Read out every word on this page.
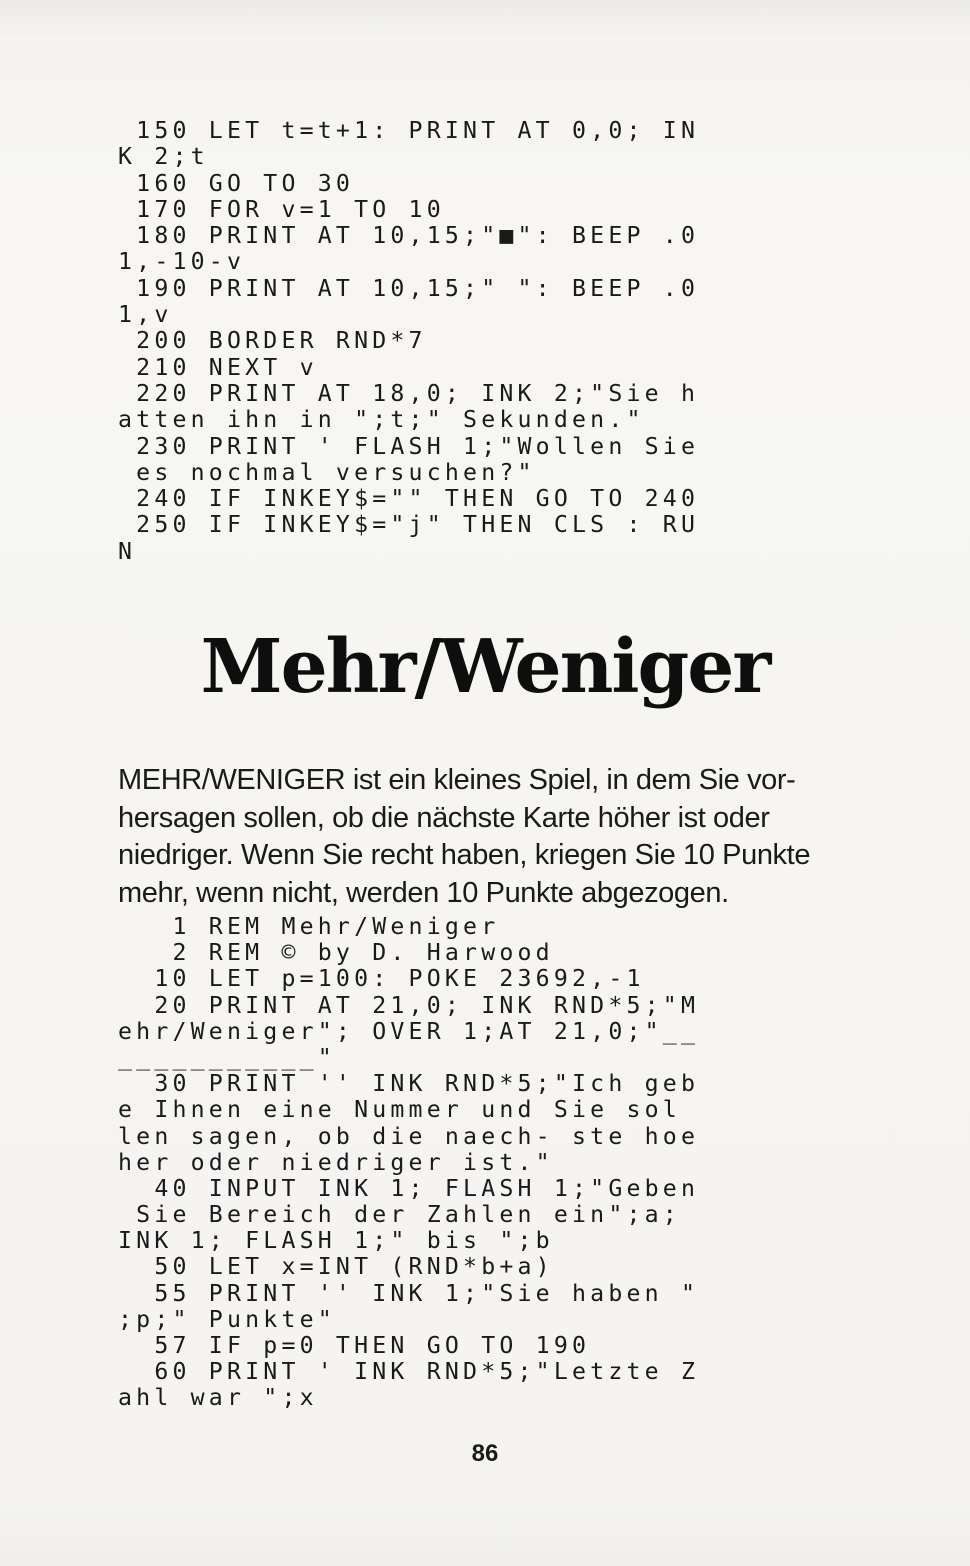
150 LET t=t+1: PRINT AT 0,0; IN
K 2;t
160 GO TO 30
170 FOR v=1 TO 10
180 PRINT AT 10,15;"■": BEEP .0
1,-10-v
190 PRINT AT 10,15;" ": BEEP .0
1,v
200 BORDER RND*7
210 NEXT v
220 PRINT AT 18,0; INK 2;"Sie h
atten ihn in ";t;" Sekunden."
230 PRINT ' FLASH 1;"Wollen Sie
es nochmal versuchen?"
240 IF INKEY$="" THEN GO TO 240
250 IF INKEY$="j" THEN CLS : RU
N
Mehr/Weniger

MEHR/WENIGER ist ein kleines Spiel, in dem Sie vor-
hersagen sollen, ob die nächste Karte höher ist oder
niedriger. Wenn Sie recht haben, kriegen Sie 10 Punkte
mehr, wenn nicht, werden 10 Punkte abgezogen.

1 REM Mehr/Weniger
2 REM © by D. Harwood
10 LET p=100: POKE 23692,-1
20 PRINT AT 21,0; INK RND*5;"M
ehr/Weniger"; OVER 1;AT 21,0;"__
___________"
30 PRINT '' INK RND*5;"Ich geb
e Ihnen eine Nummer und Sie sol
len sagen, ob die naech- ste hoe
her oder niedriger ist."
40 INPUT INK 1; FLASH 1;"Geben
Sie Bereich der Zahlen ein";a;
INK 1; FLASH 1;" bis ";b
50 LET x=INT (RND*b+a)
55 PRINT '' INK 1;"Sie haben "
;p;" Punkte"
57 IF p=0 THEN GO TO 190
60 PRINT ' INK RND*5;"Letzte Z
ahl war ";x
86
